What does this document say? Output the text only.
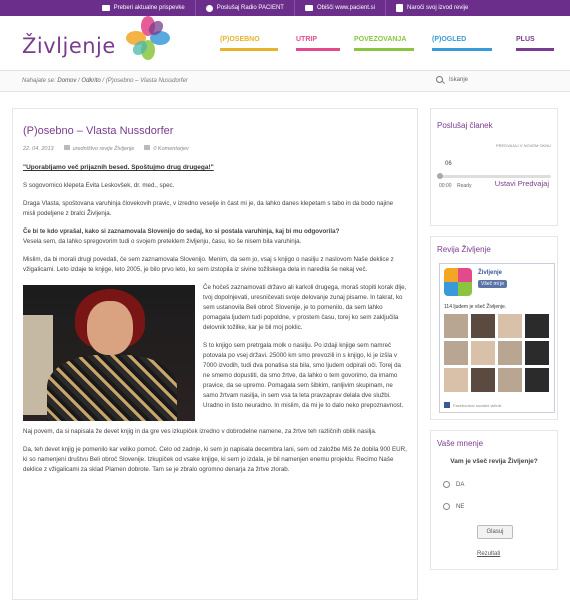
Preberi aktualne prispevke	Poslušaj Radio PACIENT	Obišči www.pacient.si	Naroči svoj izvod revije
Življenje	(P)OSEBNO	UTRIP	POVEZOVANJA	(P)OGLED	PLUS
Nahajate se: Domov / Odkrito / (P)osebno – Vlasta Nussdorfer	Iskanje
(P)osebno – Vlasta Nussdorfer
22. 04. 2013	uredništvo revije Življenje	0 Komentarjev
"Uporabljamo več prijaznih besed. Spoštujmo drug drugega!"

S sogovornico klepeta Evita Leskovšek, dr. med., spec.

Draga Vlasta, spoštovana varuhinja človekovih pravic, v izredno veselje in čast mi je, da lahko danes klepetam s tabo in da bodo najine misli podeljene z bralci Življenja.

Če bi te kdo vprašal, kako si zaznamovala Slovenijo do sedaj, ko si postala varuhinja, kaj bi mu odgovorila?

Vesela sem, da lahko spregovorim tudi o svojem preteklem življenju, času, ko še nisem bila varuhinja.

Mislim, da bi morali drugi povedati, če sem zaznamovala Slovenijo. Menim, da sem jo, vsaj s knjigo o nasilju z naslovom Naše deklice z vžigalicami. Leto izdaje te knjige, leto 2005, je bilo prvo leto, ko sem izstopila iz sivine tožilskega dela in naredila še nekaj več.

Če hočeš zaznamovati državo ali karkoli drugega, moraš stopiti korak dlje, tvoj dopolnjevati, uresničevati svoje delovanje zunaj pisarne. In takrat, ko sem ustanovila Beli obroč Slovenije, je to pomenilo, da sem lahko pomagala ljudem tudi popoldne, v prostem času, torej ko sem zaključila delovnik tožilke, kar je bil moj poklic.

S to knjigo sem pretrgala molk o nasilju. Po izdaji knjige sem namreč potovala po vsej državi. 25000 km smo prevozili in s knjigo, ki je izšla v 7000 izvodih, tudi dva ponatisa sta bila, smo ljudem odpirali oči. Torej da ne smemo dopustiti, da smo žrtve, da lahko o tem govorimo, da imamo pravice, da se upremo. Pomagala sem šibkim, ranljivim skupinam, ne samo žrtvam nasilja, in sem vsa ta leta pravzaprav delala dve službi. Uradno in tisto neuradno. In mislim, da mi je to dalo neko prepoznavnost.

Naj povem, da si napisala že devet knjig in da gre ves izkupiček izredno v dobrodelne namene, za žrtve teh različnih oblik nasilja.

Da, teh devet knjig je pomenilo kar veliko pomoč. Celo od zadnje, ki sem jo napisala decembra lani, sem od založbe Miš že dobila 900 EUR, ki so namenjeni društvu Beli obroč Slovenije. Izkupiček od vsake knjige, ki sem jo izdala, je bil namenjen enemu projektu. Recimo Naše deklice z vžigalicami za sklad Plamen dobrote. Tam se je zbralo ogromno denarja za žrtve zlorab.

Poslušaj članek
PREDVAJAJ V NOVEM OKNU
06
00:00 Ready	Ustavi Predvajaj
Revija Življenje
Življenje
Všeč mi je
114 ljudem je všeč Življenje.
Facebookov socialni vtičnik
Vaše mnenje
Vam je všeč revija Življenje?
DA
NE
Glasuj
Rezultati
